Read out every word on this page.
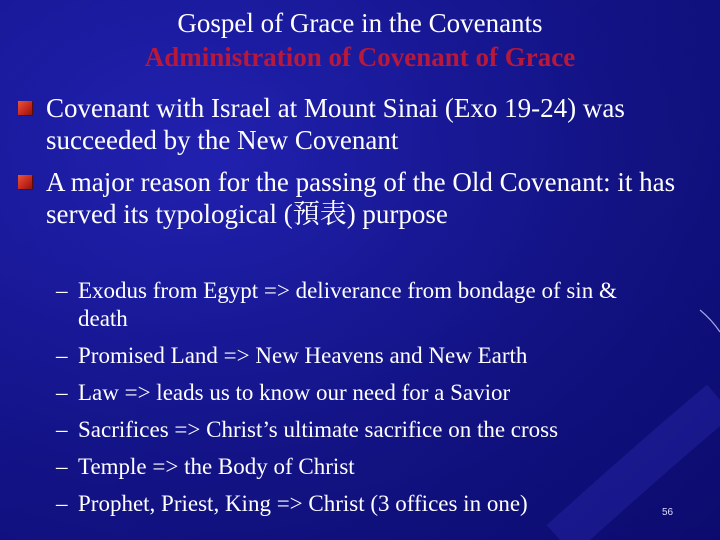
Gospel of Grace in the Covenants
Administration of Covenant of Grace
Covenant with Israel at Mount Sinai (Exo 19-24) was succeeded by the New Covenant
A major reason for the passing of the Old Covenant: it has served its typological (預表) purpose
– Exodus from Egypt => deliverance from bondage of sin & death
– Promised Land => New Heavens and New Earth
– Law => leads us to know our need for a Savior
– Sacrifices => Christ’s ultimate sacrifice on the cross
– Temple => the Body of Christ
– Prophet, Priest, King => Christ (3 offices in one)	56
